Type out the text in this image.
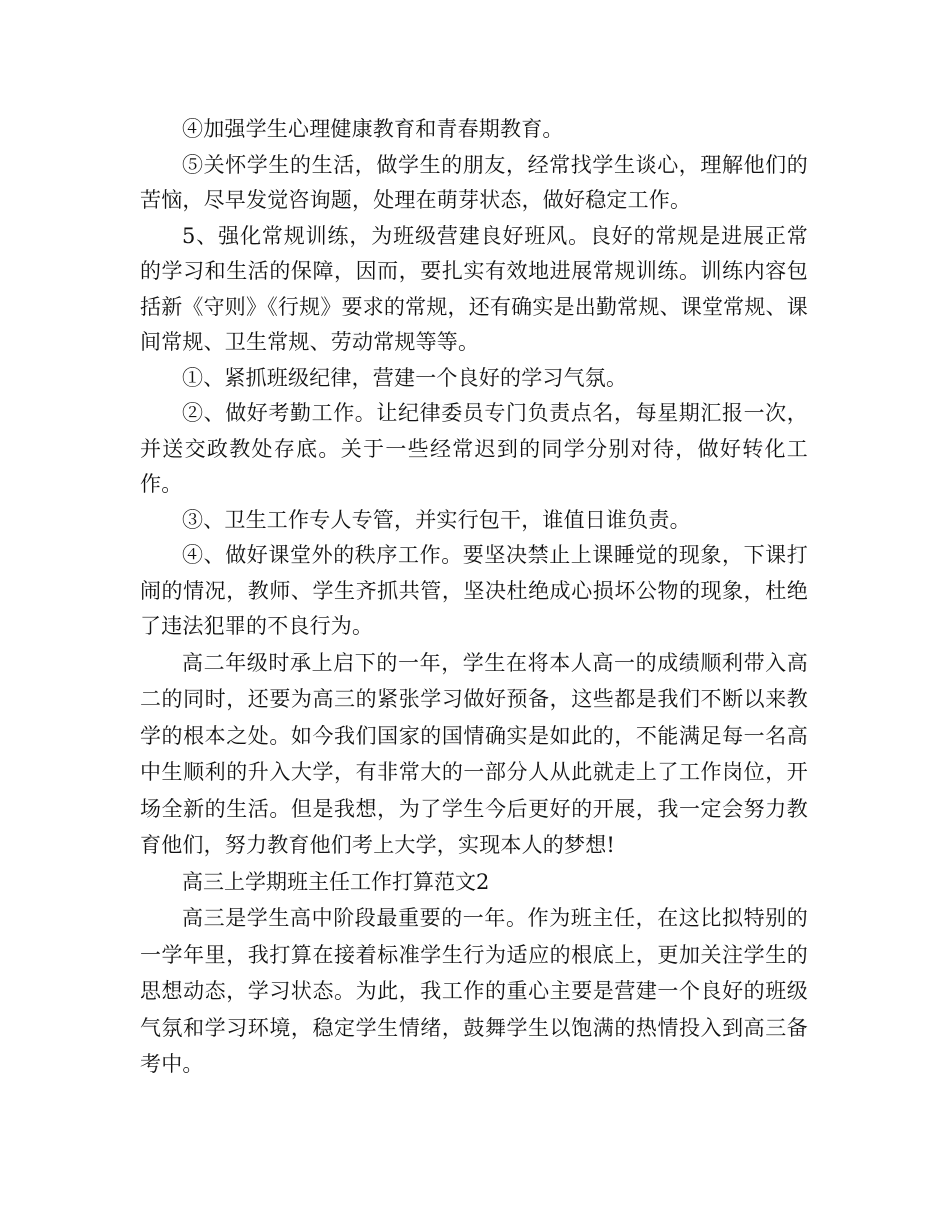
④加强学生心理健康教育和青春期教育。

⑤关怀学生的生活，做学生的朋友，经常找学生谈心，理解他们的苦恼，尽早发觉咨询题，处理在萌芽状态，做好稳定工作。

5、强化常规训练，为班级营建良好班风。良好的常规是进展正常的学习和生活的保障，因而，要扎实有效地进展常规训练。训练内容包括新《守则》《行规》要求的常规，还有确实是出勤常规、课堂常规、课间常规、卫生常规、劳动常规等等。

①、紧抓班级纪律，营建一个良好的学习气氛。

②、做好考勤工作。让纪律委员专门负责点名，每星期汇报一次，并送交政教处存底。关于一些经常迟到的同学分别对待，做好转化工作。

③、卫生工作专人专管，并实行包干，谁值日谁负责。

④、做好课堂外的秩序工作。要坚决禁止上课睡觉的现象，下课打闹的情况，教师、学生齐抓共管，坚决杜绝成心损坏公物的现象，杜绝了违法犯罪的不良行为。

高二年级时承上启下的一年，学生在将本人高一的成绩顺利带入高二的同时，还要为高三的紧张学习做好预备，这些都是我们不断以来教学的根本之处。如今我们国家的国情确实是如此的，不能满足每一名高中生顺利的升入大学，有非常大的一部分人从此就走上了工作岗位，开场全新的生活。但是我想，为了学生今后更好的开展，我一定会努力教育他们，努力教育他们考上大学，实现本人的梦想!

高三上学期班主任工作打算范文2

高三是学生高中阶段最重要的一年。作为班主任，在这比拟特别的一学年里，我打算在接着标准学生行为适应的根底上，更加关注学生的思想动态，学习状态。为此，我工作的重心主要是营建一个良好的班级气氛和学习环境，稳定学生情绪，鼓舞学生以饱满的热情投入到高三备考中。
